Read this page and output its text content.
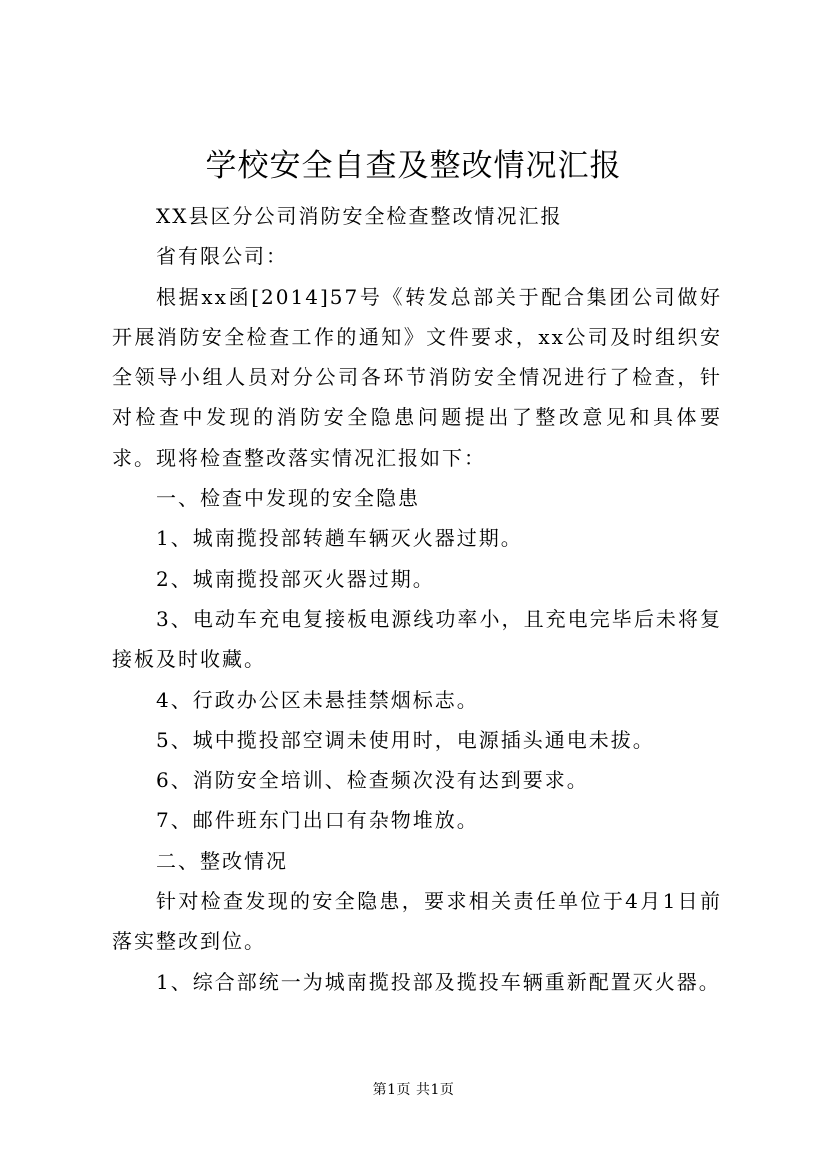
学校安全自查及整改情况汇报

XX县区分公司消防安全检查整改情况汇报

省有限公司：

根据xx函[2014]57号《转发总部关于配合集团公司做好开展消防安全检查工作的通知》文件要求，xx公司及时组织安全领导小组人员对分公司各环节消防安全情况进行了检查，针对检查中发现的消防安全隐患问题提出了整改意见和具体要求。现将检查整改落实情况汇报如下：

一、检查中发现的安全隐患

1、城南揽投部转趟车辆灭火器过期。

2、城南揽投部灭火器过期。

3、电动车充电复接板电源线功率小，且充电完毕后未将复接板及时收藏。

4、行政办公区未悬挂禁烟标志。

5、城中揽投部空调未使用时，电源插头通电未拔。

6、消防安全培训、检查频次没有达到要求。

7、邮件班东门出口有杂物堆放。

二、整改情况

针对检查发现的安全隐患，要求相关责任单位于4月1日前落实整改到位。

1、综合部统一为城南揽投部及揽投车辆重新配置灭火器。

第1页 共1页
